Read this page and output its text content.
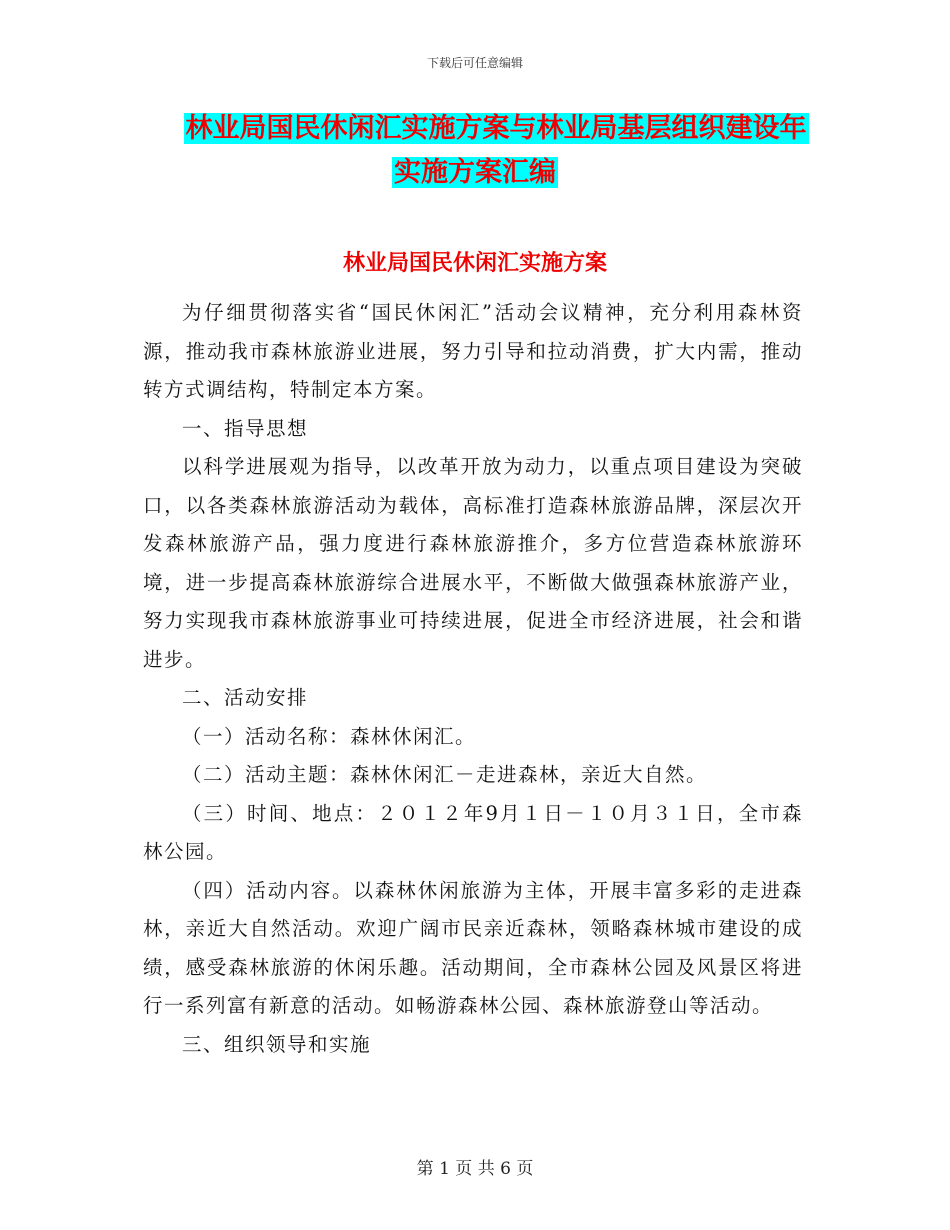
下载后可任意编辑
林业局国民休闲汇实施方案与林业局基层组织建设年
实施方案汇编
林业局国民休闲汇实施方案

为仔细贯彻落实省“国民休闲汇”活动会议精神，充分利用森林资源，推动我市森林旅游业进展，努力引导和拉动消费，扩大内需，推动转方式调结构，特制定本方案。

一、指导思想

以科学进展观为指导，以改革开放为动力，以重点项目建设为突破口，以各类森林旅游活动为载体，高标准打造森林旅游品牌，深层次开发森林旅游产品，强力度进行森林旅游推介，多方位营造森林旅游环境，进一步提高森林旅游综合进展水平，不断做大做强森林旅游产业，努力实现我市森林旅游事业可持续进展，促进全市经济进展，社会和谐进步。

二、活动安排

（一）活动名称：森林休闲汇。

（二）活动主题：森林休闲汇－走进森林，亲近大自然。

（三）时间、地点：２０１２年9月１日－１０月３１日，全市森林公园。

（四）活动内容。以森林休闲旅游为主体，开展丰富多彩的走进森林，亲近大自然活动。欢迎广阔市民亲近森林，领略森林城市建设的成绩，感受森林旅游的休闲乐趣。活动期间，全市森林公园及风景区将进行一系列富有新意的活动。如畅游森林公园、森林旅游登山等活动。

三、组织领导和实施

第 1 页 共 6 页
